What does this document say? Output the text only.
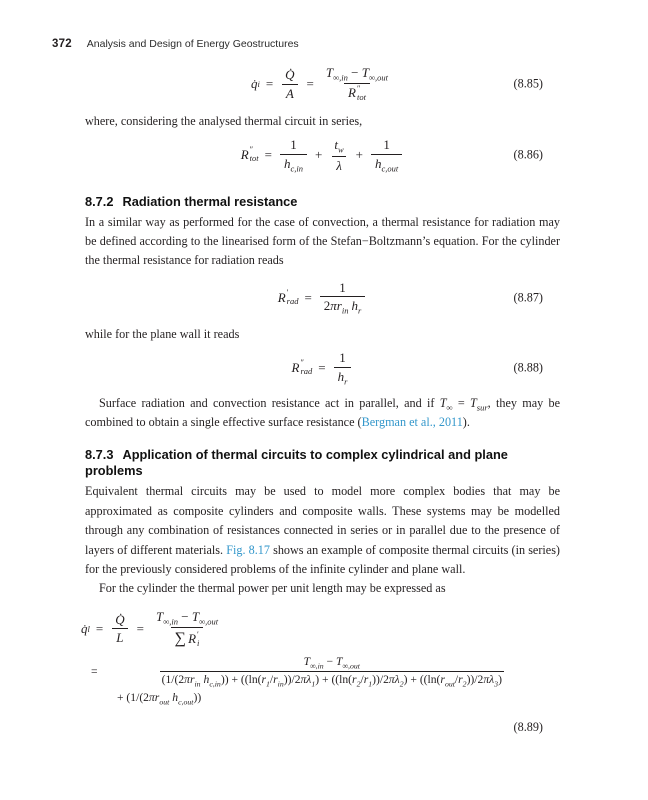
372 Analysis and Design of Energy Geostructures
q̇ $i = \frac{Q̇}{A} = T_{\infty,in} - T_{\infty,out}$
R ″
tot	(8.85)

where, considering the analysed thermal circuit in series,

R ″
tot = $\frac{1}{h_{c,in}} + \frac{t_w}{\lambda} + \frac{1}{h_{c,out}}$	(8.86)
8.7.2 Radiation thermal resistance

In a similar way as performed for the case of convection, a thermal resistance for radiation may be defined according to the linearised form of the Stefan−Boltzmann’s equation. For the cylinder the thermal resistance for radiation reads

R ′
rad = $\frac{1}{2\pi r_{in} h_r}$	(8.87)

while for the plane wall it reads

R ″
rad = $\frac{1}{h_r}$	(8.88)

Surface radiation and convection resistance act in parallel, and if $T_\infty = T_{sur}$, they may be combined to obtain a single effective surface resistance (Bergman et al., 2011).

8.7.3 Application of thermal circuits to complex cylindrical and plane problems

Equivalent thermal circuits may be used to model more complex bodies that may be approximated as composite cylinders and composite walls. These systems may be modelled through any combination of resistances connected in series or in parallel due to the presence of layers of different materials. Fig. 8.17 shows an example of composite thermal circuits (in series) for the previously considered problems of the infinite cylinder and plane wall.

For the cylinder the thermal power per unit length may be expressed as

q̇ $l = \frac{Q̇}{L} = T_{\infty,in} - T_{\infty,out}$
∑ R ′
i
=
$T_{\infty,in} - T_{\infty,out}$
($1/(2\pi r_{in}$ $h_{c,in})) + ((\ln(r_1/r_{in}))/2\pi\lambda_1) + ((\ln(r_2/r_1))/2\pi\lambda_2) + ((\ln(r_{out}/r_2))/2\pi\lambda_3)$
+ ($1/(2\pi r_{out}$ $h_{c,out}$))
(8.89)
